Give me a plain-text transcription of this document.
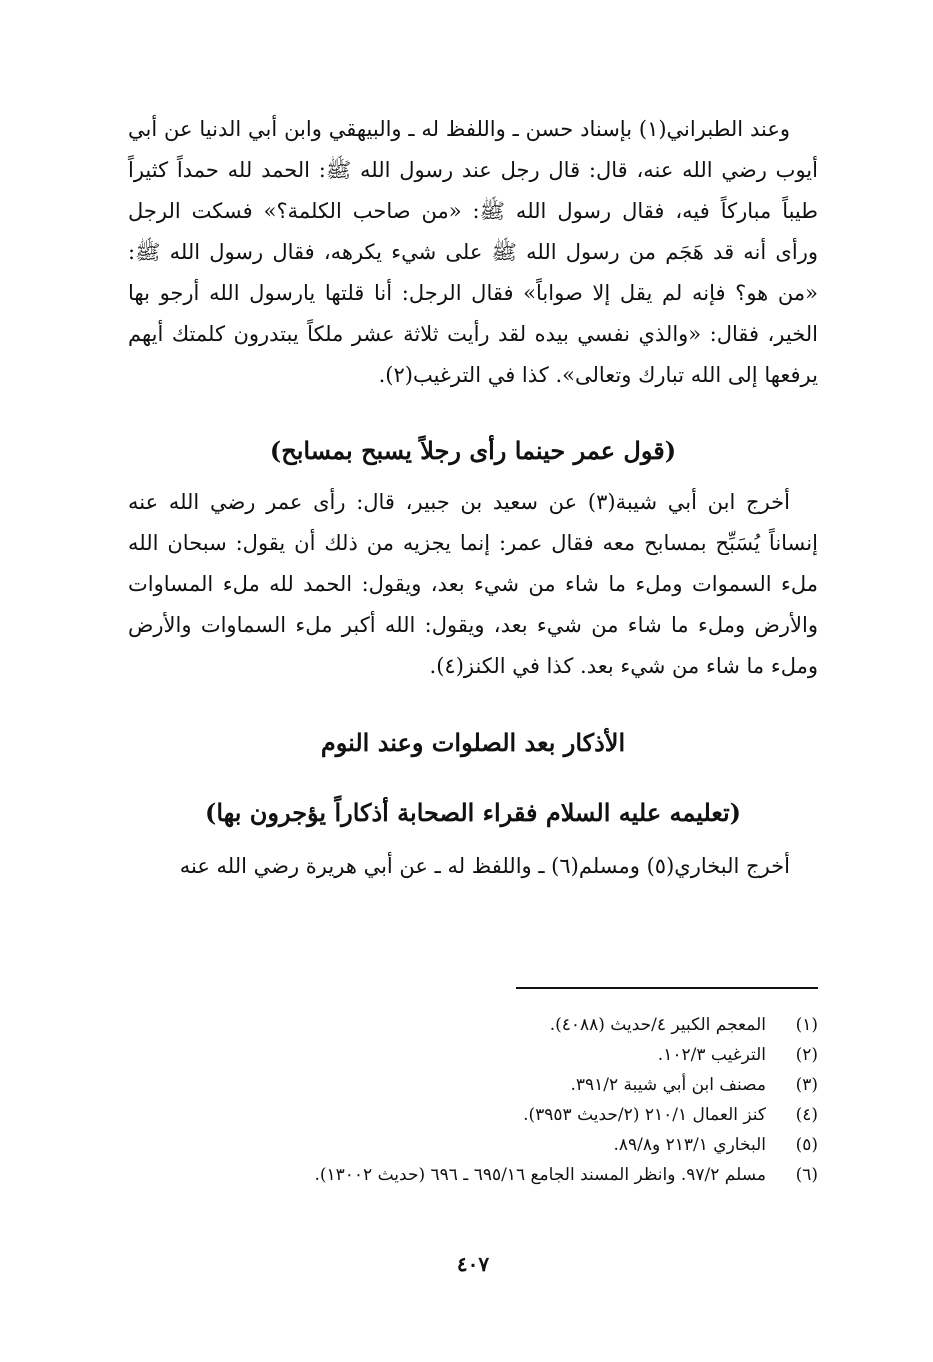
وعند الطبراني(١) بإسناد حسن ـ واللفظ له ـ والبيهقي وابن أبي الدنيا عن أبي أيوب رضي الله عنه، قال: قال رجل عند رسول الله ﷺ: الحمد لله حمداً كثيراً طيباً مباركاً فيه، فقال رسول الله ﷺ: «من صاحب الكلمة؟» فسكت الرجل ورأى أنه قد هَجَم من رسول الله ﷺ على شيء يكرهه، فقال رسول الله ﷺ: «من هو؟ فإنه لم يقل إلا صواباً» فقال الرجل: أنا قلتها يارسول الله أرجو بها الخير، فقال: «والذي نفسي بيده لقد رأيت ثلاثة عشر ملكاً يبتدرون كلمتك أيهم يرفعها إلى الله تبارك وتعالى». كذا في الترغيب(٢).

(قول عمر حينما رأى رجلاً يسبح بمسابح)

أخرج ابن أبي شيبة(٣) عن سعيد بن جبير، قال: رأى عمر رضي الله عنه إنساناً يُسَبِّح بمسابح معه فقال عمر: إنما يجزيه من ذلك أن يقول: سبحان الله ملء السموات وملء ما شاء من شيء بعد، ويقول: الحمد لله ملء المساوات والأرض وملء ما شاء من شيء بعد، ويقول: الله أكبر ملء السماوات والأرض وملء ما شاء من شيء بعد. كذا في الكنز(٤).

الأذكار بعد الصلوات وعند النوم
(تعليمه عليه السلام فقراء الصحابة أذكاراً يؤجرون بها)

أخرج البخاري(٥) ومسلم(٦) ـ واللفظ له ـ عن أبي هريرة رضي الله عنه

(١)المعجم الكبير ٤/حديث (٤٠٨٨).
(٢)الترغيب ١٠٢/٣.
(٣)مصنف ابن أبي شيبة ٣٩١/٢.
(٤)كنز العمال ٢١٠/١ (٢/حديث ٣٩٥٣).
(٥)البخاري ٢١٣/١ و٨٩/٨.
(٦)مسلم ٩٧/٢. وانظر المسند الجامع ٦٩٥/١٦ ـ ٦٩٦ (حديث ١٣٠٠٢).
٤٠٧
